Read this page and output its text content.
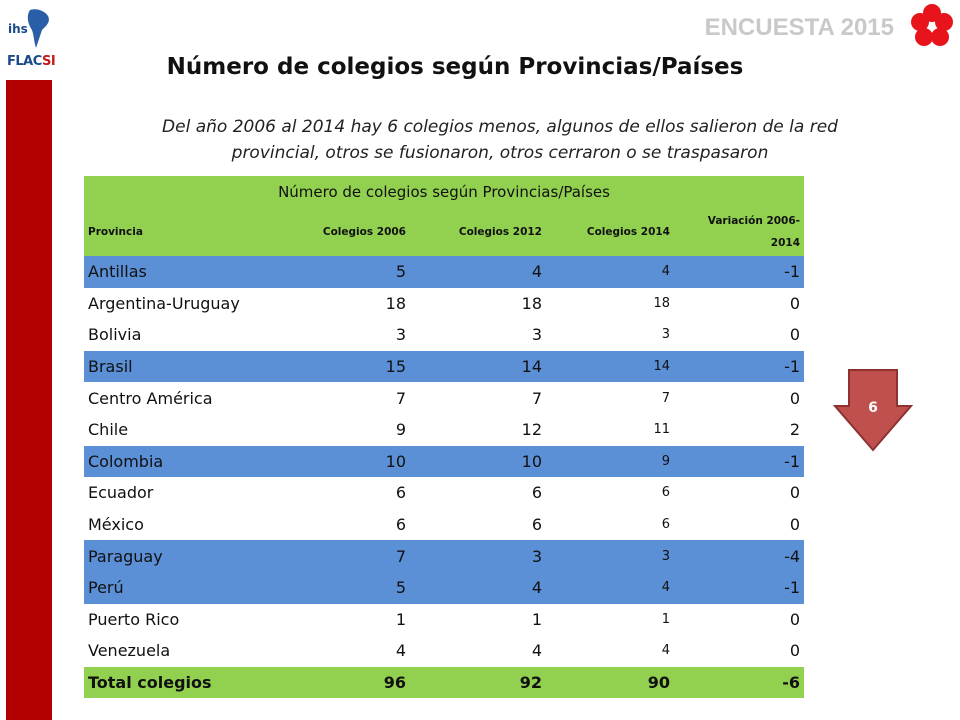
ihs
FLACSI
ENCUESTA 2015
Número de colegios según Provincias/Países
Del año 2006 al 2014 hay 6 colegios menos, algunos de ellos salieron de la red
provincial, otros se fusionaron, otros cerraron o se traspasaron
Número de colegios según Provincias/Países				
Provincia	Colegios 2006	Colegios 2012	Colegios 2014	Variación 2006-
2014

Antillas	5	4	4	-1
Argentina-Uruguay	18	18	18	0
Bolivia	3	3	3	0
Brasil	15	14	14	-1
Centro América	7	7	7	0
Chile	9	12	11	2
Colombia	10	10	9	-1
Ecuador	6	6	6	0
México	6	6	6	0
Paraguay	7	3	3	-4
Perú	5	4	4	-1
Puerto Rico	1	1	1	0
Venezuela	4	4	4	0
Total colegios	96	92	90	-6
6
